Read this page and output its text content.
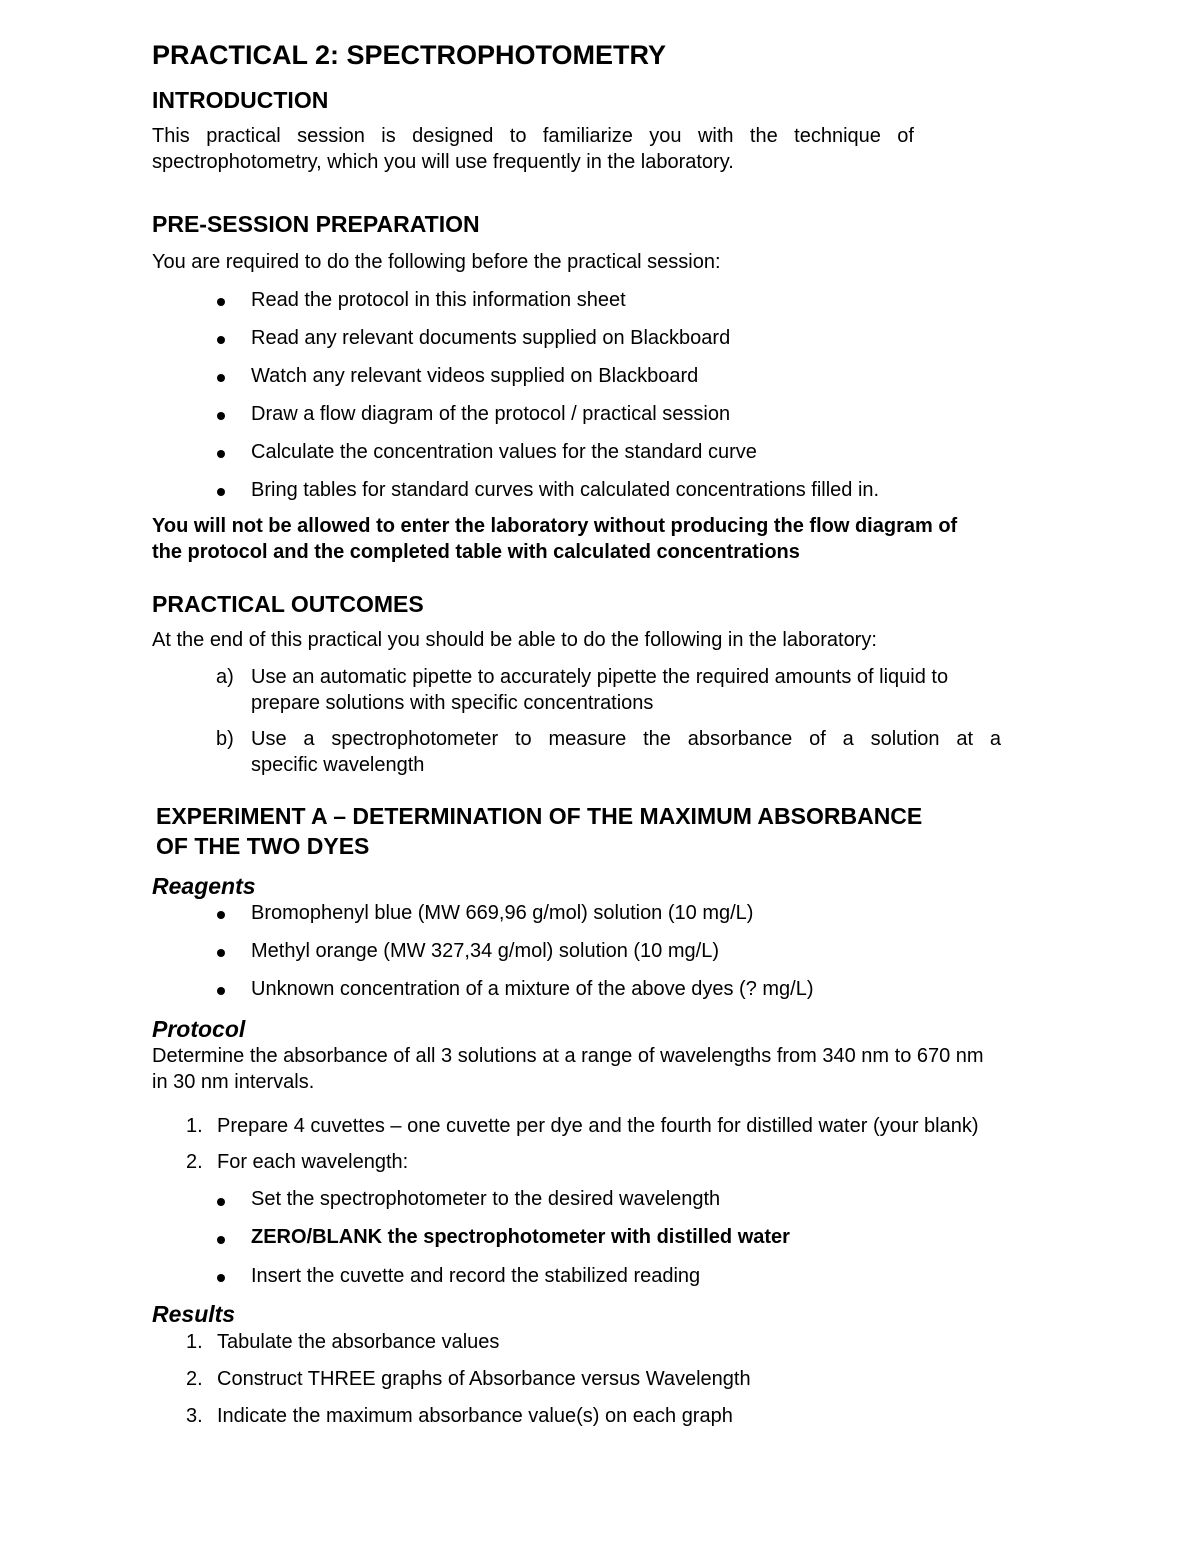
PRACTICAL 2: SPECTROPHOTOMETRY
INTRODUCTION
This practical session is designed to familiarize you with the technique of
spectrophotometry, which you will use frequently in the laboratory.
PRE-SESSION PREPARATION
You are required to do the following before the practical session:
Read the protocol in this information sheet
Read any relevant documents supplied on Blackboard
Watch any relevant videos supplied on Blackboard
Draw a flow diagram of the protocol / practical session
Calculate the concentration values for the standard curve
Bring tables for standard curves with calculated concentrations filled in.
You will not be allowed to enter the laboratory without producing the flow diagram of
the protocol and the completed table with calculated concentrations
PRACTICAL OUTCOMES
At the end of this practical you should be able to do the following in the laboratory:
a) Use an automatic pipette to accurately pipette the required amounts of liquid to
prepare solutions with specific concentrations
b) Use a spectrophotometer to measure the absorbance of a solution at a
specific wavelength
EXPERIMENT A – DETERMINATION OF THE MAXIMUM ABSORBANCE
OF THE TWO DYES
Reagents
Bromophenyl blue (MW 669,96 g/mol) solution (10 mg/L)
Methyl orange (MW 327,34 g/mol) solution (10 mg/L)
Unknown concentration of a mixture of the above dyes (? mg/L)
Protocol
Determine the absorbance of all 3 solutions at a range of wavelengths from 340 nm to 670 nm
in 30 nm intervals.
1. Prepare 4 cuvettes – one cuvette per dye and the fourth for distilled water (your blank)
2. For each wavelength:
Set the spectrophotometer to the desired wavelength
ZERO/BLANK the spectrophotometer with distilled water
Insert the cuvette and record the stabilized reading
Results
1. Tabulate the absorbance values
2. Construct THREE graphs of Absorbance versus Wavelength
3. Indicate the maximum absorbance value(s) on each graph
